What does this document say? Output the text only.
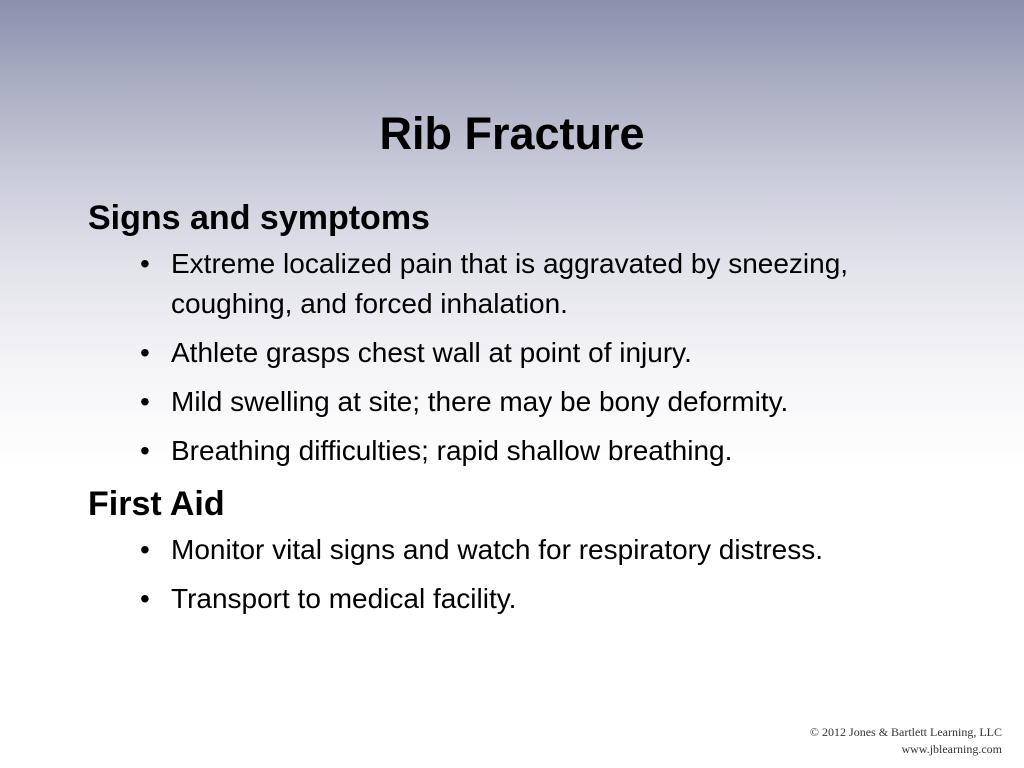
Rib Fracture

Signs and symptoms

• Extreme localized pain that is aggravated by sneezing, coughing, and forced inhalation.
• Athlete grasps chest wall at point of injury.
• Mild swelling at site; there may be bony deformity.
• Breathing difficulties; rapid shallow breathing.

First Aid

• Monitor vital signs and watch for respiratory distress.
• Transport to medical facility.
© 2012 Jones & Bartlett Learning, LLC
www.jblearning.com
